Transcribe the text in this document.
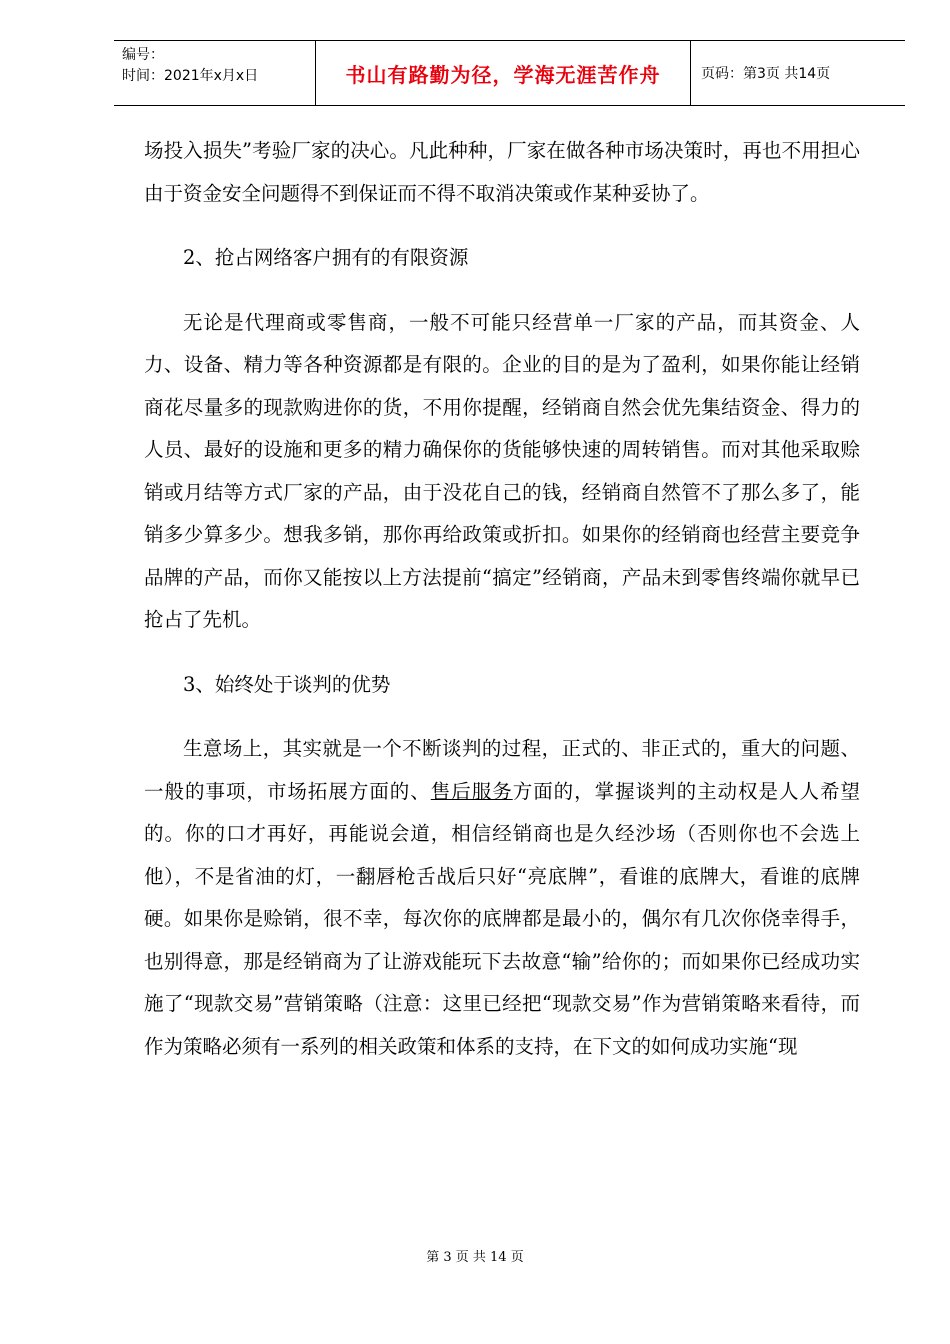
编号：
时间：2021年x月x日	书山有路勤为径，学海无涯苦作舟	页码：第3页 共14页

场投入损失”考验厂家的决心。凡此种种，厂家在做各种市场决策时，再也不用担心由于资金安全问题得不到保证而不得不取消决策或作某种妥协了。

2、抢占网络客户拥有的有限资源

无论是代理商或零售商，一般不可能只经营单一厂家的产品，而其资金、人力、设备、精力等各种资源都是有限的。企业的目的是为了盈利，如果你能让经销商花尽量多的现款购进你的货，不用你提醒，经销商自然会优先集结资金、得力的人员、最好的设施和更多的精力确保你的货能够快速的周转销售。而对其他采取赊销或月结等方式厂家的产品，由于没花自己的钱，经销商自然管不了那么多了，能销多少算多少。想我多销，那你再给政策或折扣。如果你的经销商也经营主要竞争品牌的产品，而你又能按以上方法提前“搞定”经销商，产品未到零售终端你就早已抢占了先机。

3、始终处于谈判的优势

生意场上，其实就是一个不断谈判的过程，正式的、非正式的，重大的问题、一般的事项，市场拓展方面的、售后服务方面的，掌握谈判的主动权是人人希望的。你的口才再好，再能说会道，相信经销商也是久经沙场（否则你也不会选上他），不是省油的灯，一翻唇枪舌战后只好“亮底牌”，看谁的底牌大，看谁的底牌硬。如果你是赊销，很不幸，每次你的底牌都是最小的，偶尔有几次你侥幸得手，也别得意，那是经销商为了让游戏能玩下去故意“输”给你的；而如果你已经成功实施了“现款交易”营销策略（注意：这里已经把“现款交易”作为营销策略来看待，而作为策略必须有一系列的相关政策和体系的支持，在下文的如何成功实施“现

第 3 页 共 14 页
